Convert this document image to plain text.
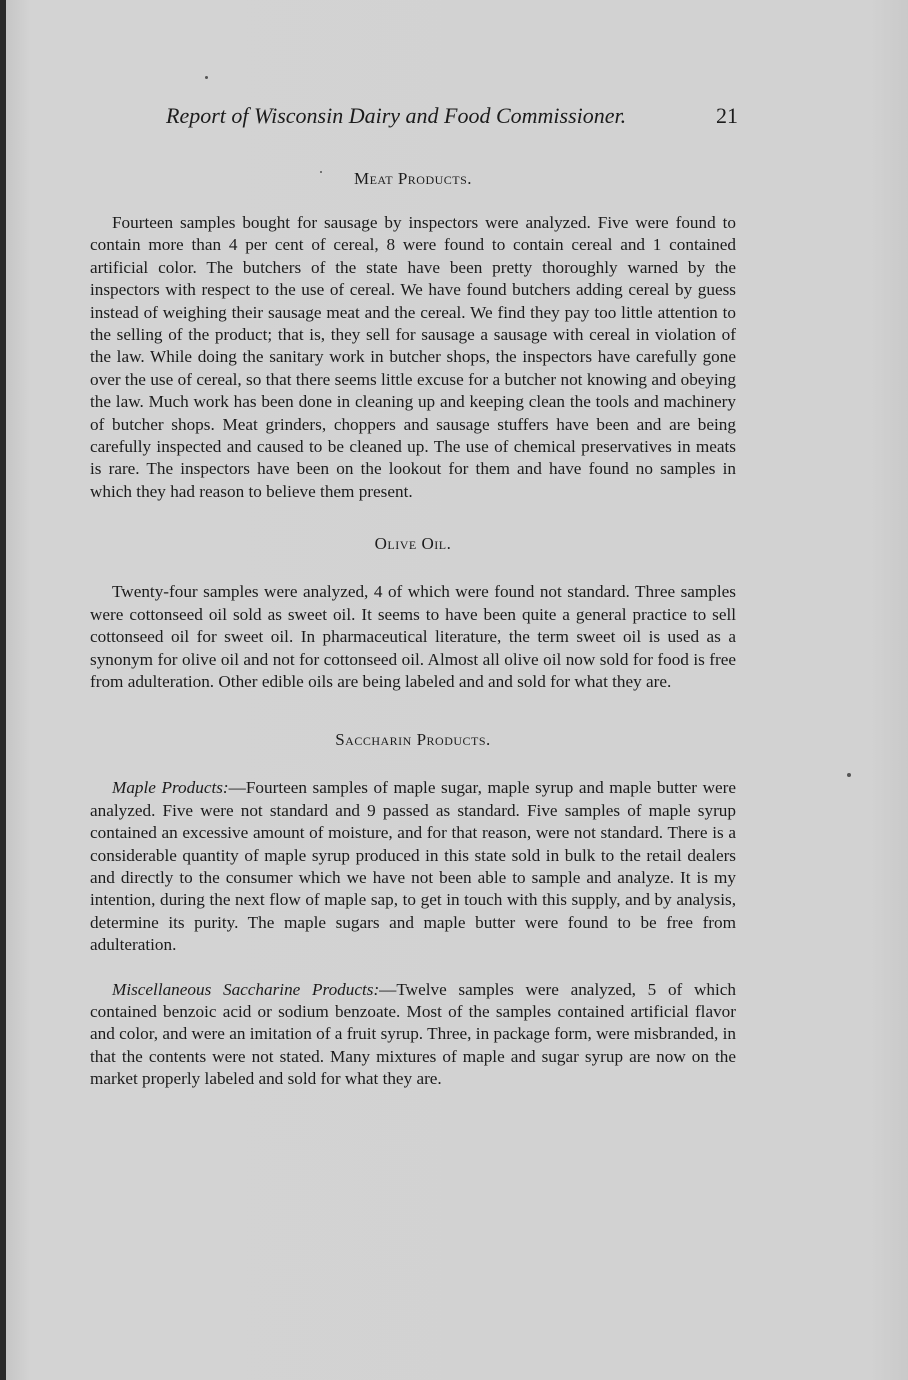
Report of Wisconsin Dairy and Food Commissioner.	21
Meat Products.

Fourteen samples bought for sausage by inspectors were analyzed. Five were found to contain more than 4 per cent of cereal, 8 were found to contain cereal and 1 contained artificial color. The butchers of the state have been pretty thoroughly warned by the inspectors with respect to the use of cereal. We have found butchers adding cereal by guess instead of weighing their sausage meat and the cereal. We find they pay too little attention to the selling of the product; that is, they sell for sausage a sausage with cereal in violation of the law. While doing the sanitary work in butcher shops, the inspectors have carefully gone over the use of cereal, so that there seems little excuse for a butcher not knowing and obeying the law. Much work has been done in cleaning up and keeping clean the tools and machinery of butcher shops. Meat grinders, choppers and sausage stuffers have been and are being carefully inspected and caused to be cleaned up. The use of chemical preservatives in meats is rare. The inspectors have been on the lookout for them and have found no samples in which they had reason to believe them present.

Olive Oil.

Twenty-four samples were analyzed, 4 of which were found not standard. Three samples were cottonseed oil sold as sweet oil. It seems to have been quite a general practice to sell cottonseed oil for sweet oil. In pharmaceutical literature, the term sweet oil is used as a synonym for olive oil and not for cottonseed oil. Almost all olive oil now sold for food is free from adulteration. Other edible oils are being labeled and and sold for what they are.

Saccharin Products.

Maple Products:—Fourteen samples of maple sugar, maple syrup and maple butter were analyzed. Five were not standard and 9 passed as standard. Five samples of maple syrup contained an excessive amount of moisture, and for that reason, were not standard. There is a considerable quantity of maple syrup produced in this state sold in bulk to the retail dealers and directly to the consumer which we have not been able to sample and analyze. It is my intention, during the next flow of maple sap, to get in touch with this supply, and by analysis, determine its purity. The maple sugars and maple butter were found to be free from adulteration.

Miscellaneous Saccharine Products:—Twelve samples were analyzed, 5 of which contained benzoic acid or sodium benzoate. Most of the samples contained artificial flavor and color, and were an imitation of a fruit syrup. Three, in package form, were misbranded, in that the contents were not stated. Many mixtures of maple and sugar syrup are now on the market properly labeled and sold for what they are.
